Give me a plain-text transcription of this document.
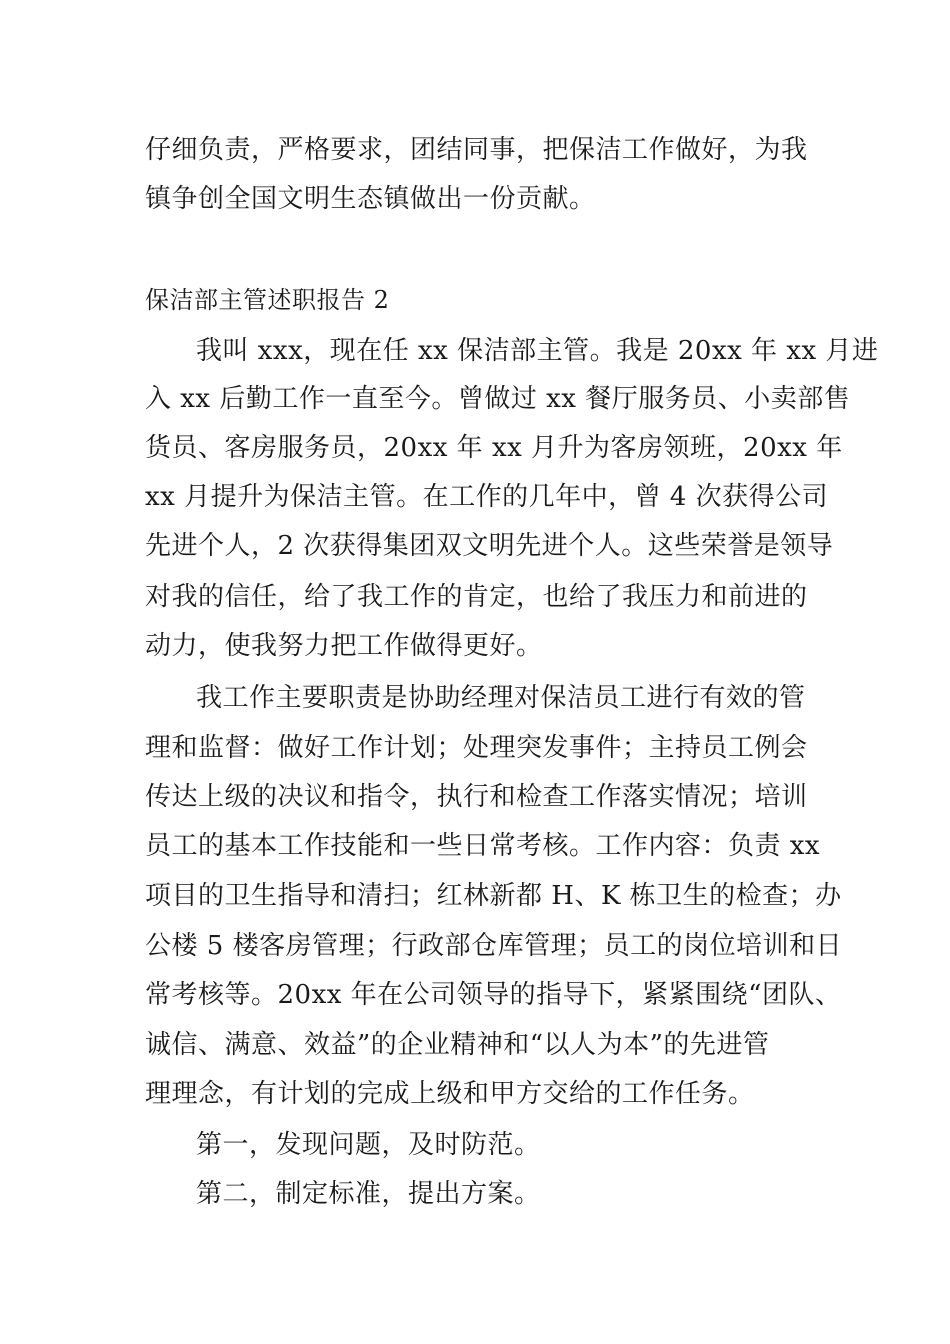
仔细负责，严格要求，团结同事，把保洁工作做好，为我
镇争创全国文明生态镇做出一份贡献。
保洁部主管述职报告 2
我叫 xxx，现在任 xx 保洁部主管。我是 20xx 年 xx 月进
入 xx 后勤工作一直至今。曾做过 xx 餐厅服务员、小卖部售
货员、客房服务员，20xx 年 xx 月升为客房领班，20xx 年
xx 月提升为保洁主管。在工作的几年中，曾 4 次获得公司
先进个人，2 次获得集团双文明先进个人。这些荣誉是领导
对我的信任，给了我工作的肯定，也给了我压力和前进的
动力，使我努力把工作做得更好。
我工作主要职责是协助经理对保洁员工进行有效的管
理和监督：做好工作计划；处理突发事件；主持员工例会
传达上级的决议和指令，执行和检查工作落实情况；培训
员工的基本工作技能和一些日常考核。工作内容：负责 xx
项目的卫生指导和清扫；红林新都 H、K 栋卫生的检查；办
公楼 5 楼客房管理；行政部仓库管理；员工的岗位培训和日
常考核等。20xx 年在公司领导的指导下，紧紧围绕“团队、
诚信、满意、效益”的企业精神和“以人为本”的先进管
理理念，有计划的完成上级和甲方交给的工作任务。
第一，发现问题，及时防范。
第二，制定标准，提出方案。
